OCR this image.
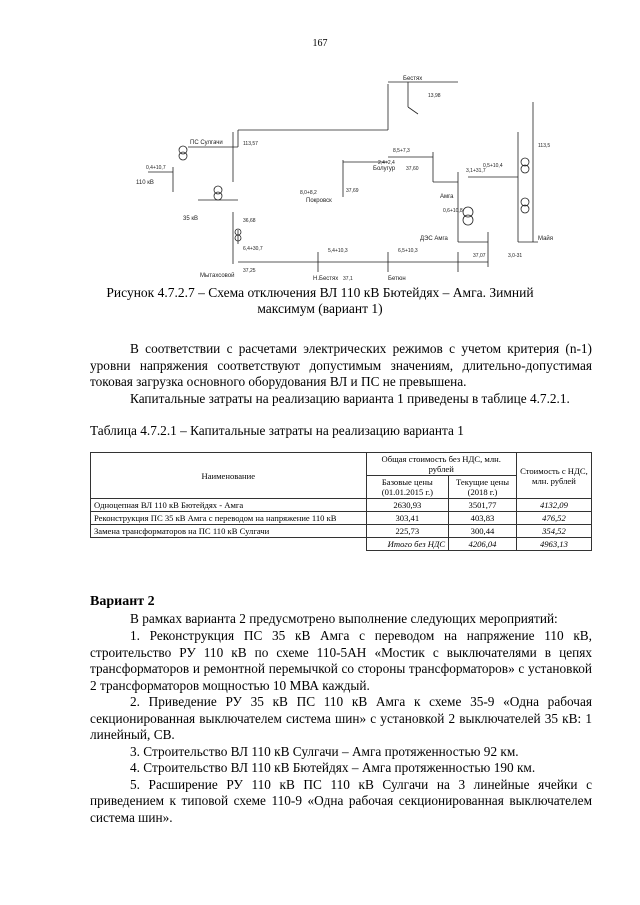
167
Бестях
13,98
ПС Сулгачи	113,57
110 кВ
35 кВ	36,68
37,25
Мытахсовой
Покровск
37,69
Болугур 37,60
Амга
ДЭС Амга
37,07
Н.Бестях 37,1	Бетюн
Майя
113,5
3,0-31
8,0+8,2
8,5+7,3
2,4+2,4
5,4+10,3	6,5+10,3
0,4+10,7	0,5+10,4
0,6+10,8
3,1+31,7
6,4+30,7
Рисунок 4.7.2.7 – Схема отключения ВЛ 110 кВ Бютейдях – Амга. Зимний максимум (вариант 1)

В соответствии с расчетами электрических режимов с учетом критерия (n-1) уровни напряжения соответствуют допустимым значениям, длительно-допустимая токовая загрузка основного оборудования ВЛ и ПС не превышена.

Капитальные затраты на реализацию варианта 1 приведены в таблице 4.7.2.1.

Таблица 4.7.2.1 – Капитальные затраты на реализацию варианта 1
Наименование	Общая стоимость без НДС, млн. рублей		Стоимость с НДС, млн. рублей
	Базовые цены (01.01.2015 г.)	Текущие цены (2018 г.)	
Одноцепная ВЛ 110 кВ Бютейдях - Амга	2630,93	3501,77	4132,09
Реконструкция ПС 35 кВ Амга с переводом на напряжение 110 кВ	303,41	403,83	476,52
Замена трансформаторов на ПС 110 кВ Сулгачи	225,73	300,44	354,52
	Итого без НДС	4206,04	4963,13
Вариант 2

В рамках варианта 2 предусмотрено выполнение следующих мероприятий:

1. Реконструкция ПС 35 кВ Амга с переводом на напряжение 110 кВ, строительство РУ 110 кВ по схеме 110-5АН «Мостик с выключателями в цепях трансформаторов и ремонтной перемычкой со стороны трансформаторов» с установкой 2 трансформаторов мощностью 10 МВА каждый.

2. Приведение РУ 35 кВ ПС 110 кВ Амга к схеме 35-9 «Одна рабочая секционированная выключателем система шин» с установкой 2 выключателей 35 кВ: 1 линейный, СВ.

3. Строительство ВЛ 110 кВ Сулгачи – Амга протяженностью 92 км.

4. Строительство ВЛ 110 кВ Бютейдях – Амга протяженностью 190 км.

5. Расширение РУ 110 кВ ПС 110 кВ Сулгачи на 3 линейные ячейки с приведением к типовой схеме 110-9 «Одна рабочая секционированная выключателем система шин».
